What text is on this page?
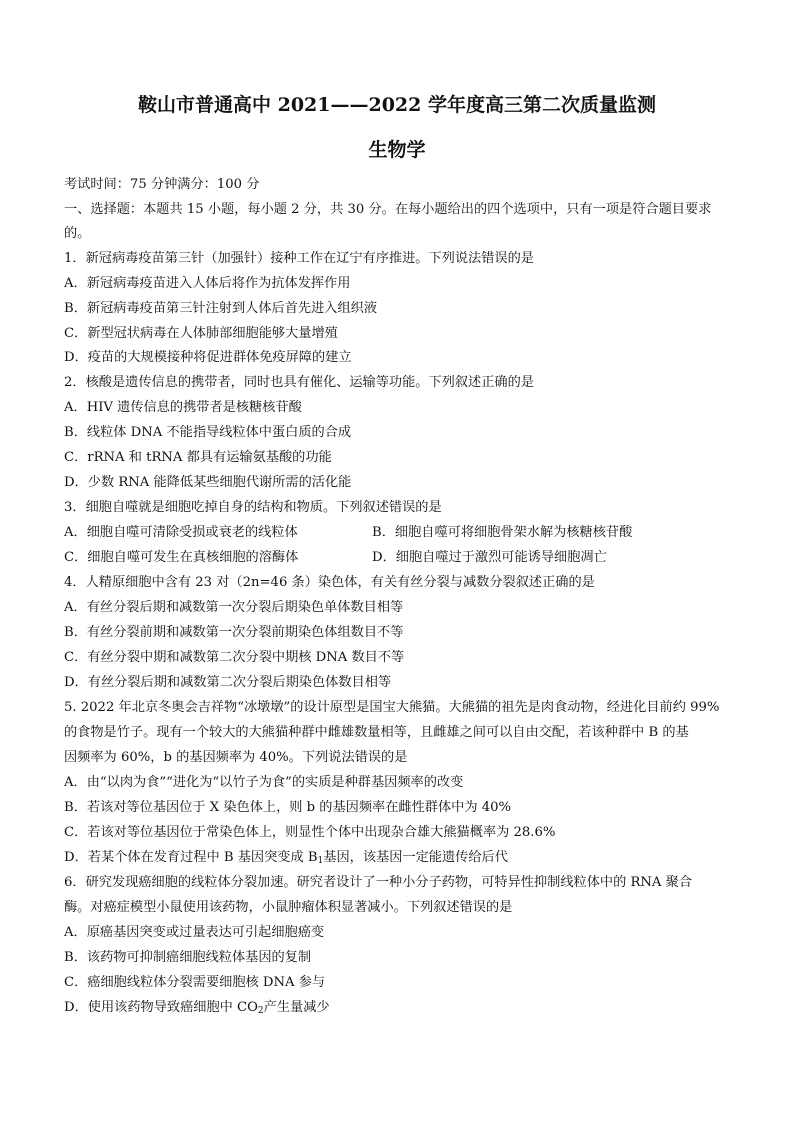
鞍山市普通高中 2021——2022 学年度高三第二次质量监测
生物学
考试时间：75 分钟满分：100 分
一、选择题：本题共 15 小题，每小题 2 分，共 30 分。在每小题给出的四个选项中，只有一项是符合题目要求
的。
1．新冠病毒疫苗第三针（加强针）接种工作在辽宁有序推进。下列说法错误的是
A．新冠病毒疫苗进入人体后将作为抗体发挥作用
B．新冠病毒疫苗第三针注射到人体后首先进入组织液
C．新型冠状病毒在人体肺部细胞能够大量增殖
D．疫苗的大规模接种将促进群体免疫屏障的建立
2．核酸是遗传信息的携带者，同时也具有催化、运输等功能。下列叙述正确的是
A．HIV 遗传信息的携带者是核糖核苷酸
B．线粒体 DNA 不能指导线粒体中蛋白质的合成
C．rRNA 和 tRNA 都具有运输氨基酸的功能
D．少数 RNA 能降低某些细胞代谢所需的活化能
3．细胞自噬就是细胞吃掉自身的结构和物质。下列叙述错误的是
A．细胞自噬可清除受损或衰老的线粒体	B．细胞自噬可将细胞骨架水解为核糖核苷酸
C．细胞自噬可发生在真核细胞的溶酶体	D．细胞自噬过于激烈可能诱导细胞凋亡
4．人精原细胞中含有 23 对（2n=46 条）染色体，有关有丝分裂与减数分裂叙述正确的是
A．有丝分裂后期和减数第一次分裂后期染色单体数目相等
B．有丝分裂前期和减数第一次分裂前期染色体组数目不等
C．有丝分裂中期和减数第二次分裂中期核 DNA 数目不等
D．有丝分裂后期和减数第二次分裂后期染色体数目相等
5. 2022 年北京冬奥会吉祥物“冰墩墩”的设计原型是国宝大熊猫。大熊猫的祖先是肉食动物，经进化目前约 99%
的食物是竹子。现有一个较大的大熊猫种群中雌雄数量相等，且雌雄之间可以自由交配，若该种群中 B 的基
因频率为 60%，b 的基因频率为 40%。下列说法错误的是
A．由“以肉为食”“进化为“以竹子为食”的实质是种群基因频率的改变
B．若该对等位基因位于 X 染色体上，则 b 的基因频率在雌性群体中为 40%
C．若该对等位基因位于常染色体上，则显性个体中出现杂合雄大熊猫概率为 28.6%
D．若某个体在发育过程中 B 基因突变成 $B_1$基因，该基因一定能遗传给后代
6．研究发现癌细胞的线粒体分裂加速。研究者设计了一种小分子药物，可特异性抑制线粒体中的 RNA 聚合
酶。对癌症模型小鼠使用该药物，小鼠肿瘤体积显著减小。下列叙述错误的是
A．原癌基因突变或过量表达可引起细胞癌变
B．该药物可抑制癌细胞线粒体基因的复制
C．癌细胞线粒体分裂需要细胞核 DNA 参与
D．使用该药物导致癌细胞中 $CO_2$产生量减少
